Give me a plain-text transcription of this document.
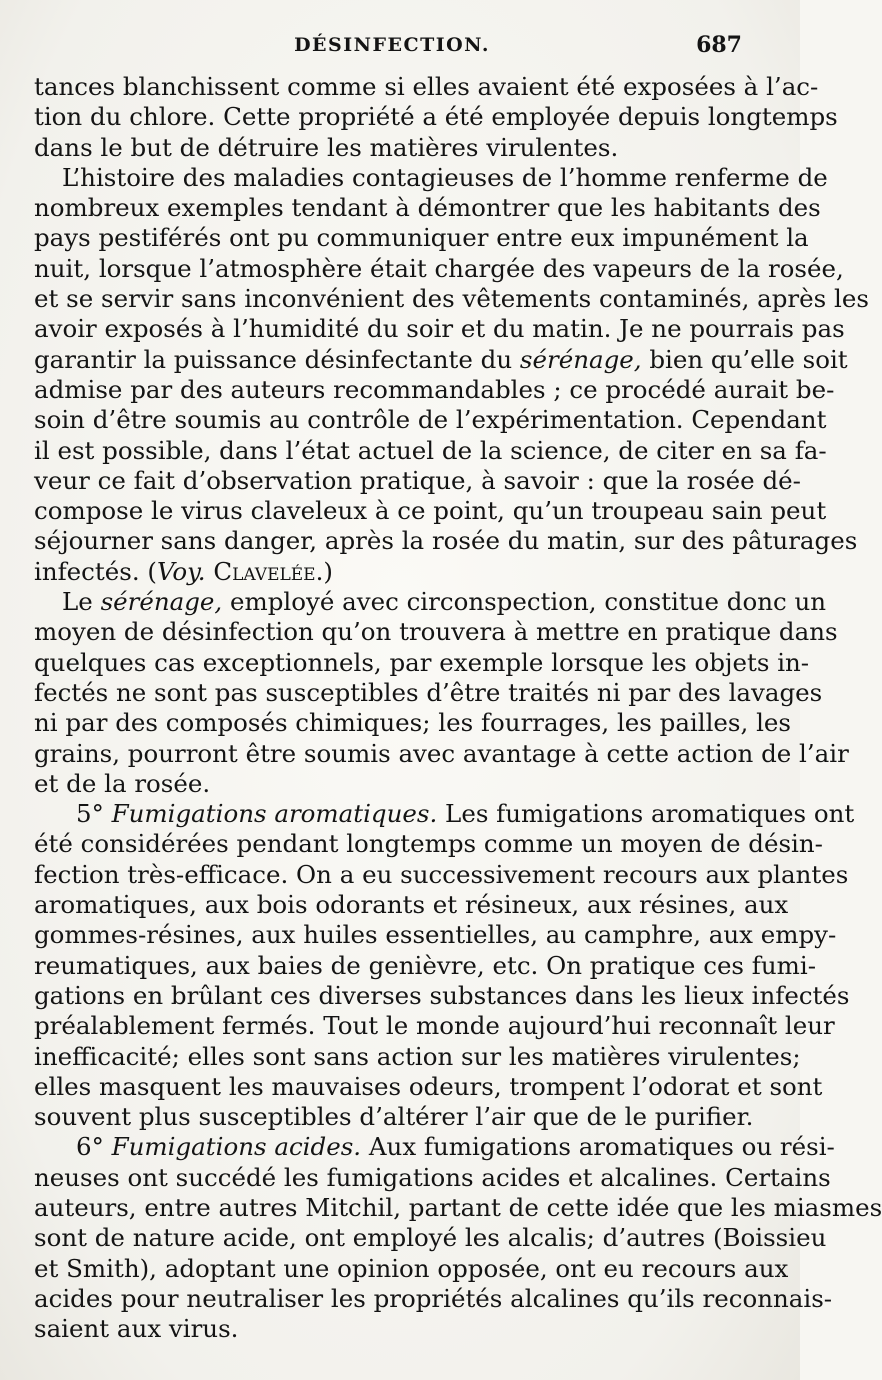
DÉSINFECTION.	687
tances blanchissent comme si elles avaient été exposées à l’ac-
tion du chlore. Cette propriété a été employée depuis longtemps
dans le but de détruire les matières virulentes.
L’histoire des maladies contagieuses de l’homme renferme de
nombreux exemples tendant à démontrer que les habitants des
pays pestiférés ont pu communiquer entre eux impunément la
nuit, lorsque l’atmosphère était chargée des vapeurs de la rosée,
et se servir sans inconvénient des vêtements contaminés, après les
avoir exposés à l’humidité du soir et du matin. Je ne pourrais pas
garantir la puissance désinfectante du sérénage, bien qu’elle soit
admise par des auteurs recommandables ; ce procédé aurait be-
soin d’être soumis au contrôle de l’expérimentation. Cependant
il est possible, dans l’état actuel de la science, de citer en sa fa-
veur ce fait d’observation pratique, à savoir : que la rosée dé-
compose le virus claveleux à ce point, qu’un troupeau sain peut
séjourner sans danger, après la rosée du matin, sur des pâturages
infectés. (Voy. Clavelée.)
Le sérénage, employé avec circonspection, constitue donc un
moyen de désinfection qu’on trouvera à mettre en pratique dans
quelques cas exceptionnels, par exemple lorsque les objets in-
fectés ne sont pas susceptibles d’être traités ni par des lavages
ni par des composés chimiques; les fourrages, les pailles, les
grains, pourront être soumis avec avantage à cette action de l’air
et de la rosée.
5° Fumigations aromatiques. Les fumigations aromatiques ont
été considérées pendant longtemps comme un moyen de désin-
fection très-efficace. On a eu successivement recours aux plantes
aromatiques, aux bois odorants et résineux, aux résines, aux
gommes-résines, aux huiles essentielles, au camphre, aux empy-
reumatiques, aux baies de genièvre, etc. On pratique ces fumi-
gations en brûlant ces diverses substances dans les lieux infectés
préalablement fermés. Tout le monde aujourd’hui reconnaît leur
inefficacité; elles sont sans action sur les matières virulentes;
elles masquent les mauvaises odeurs, trompent l’odorat et sont
souvent plus susceptibles d’altérer l’air que de le purifier.
6° Fumigations acides. Aux fumigations aromatiques ou rési-
neuses ont succédé les fumigations acides et alcalines. Certains
auteurs, entre autres Mitchil, partant de cette idée que les miasmes
sont de nature acide, ont employé les alcalis; d’autres (Boissieu
et Smith), adoptant une opinion opposée, ont eu recours aux
acides pour neutraliser les propriétés alcalines qu’ils reconnais-
saient aux virus.
